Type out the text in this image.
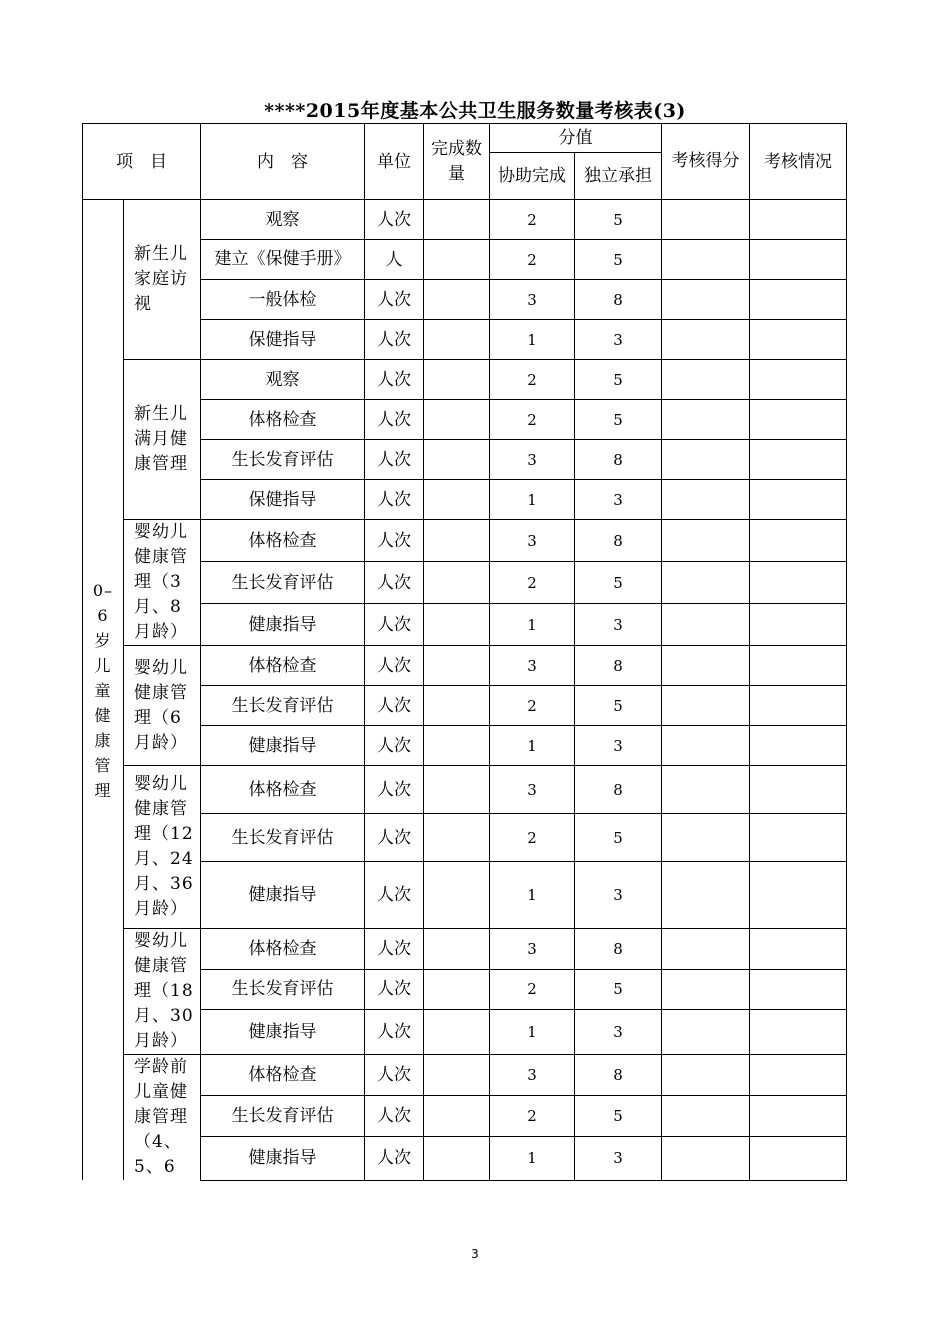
****2015年度基本公共卫生服务数量考核表(3)
项　目		内　容	单位	完成数量	分值		考核得分	考核情况

					协助完成	独立承担		

0–6岁儿童健康管理	新生儿家庭访视	观察	人次		2	5		

		建立《保健手册》	人		2	5		
		一般体检	人次		3	8		
		保健指导	人次		1	3		
	新生儿满月健康管理	观察	人次		2	5		
		体格检查	人次		2	5		
		生长发育评估	人次		3	8		
		保健指导	人次		1	3		
	婴幼儿健康管理（3月、8月龄）	体格检查	人次		3	8		
		生长发育评估	人次		2	5		
		健康指导	人次		1	3		
	婴幼儿健康管理（6月龄）	体格检查	人次		3	8		
		生长发育评估	人次		2	5		
		健康指导	人次		1	3		
	婴幼儿健康管理（12月、24月、36月龄）	体格检查	人次		3	8		
		生长发育评估	人次		2	5		
		健康指导	人次		1	3		
	婴幼儿健康管理（18月、30月龄）	体格检查	人次		3	8		
		生长发育评估	人次		2	5		
		健康指导	人次		1	3		
	学龄前儿童健康管理（4、5、6	体格检查	人次		3	8		
		生长发育评估	人次		2	5		
		健康指导	人次		1	3		
3
